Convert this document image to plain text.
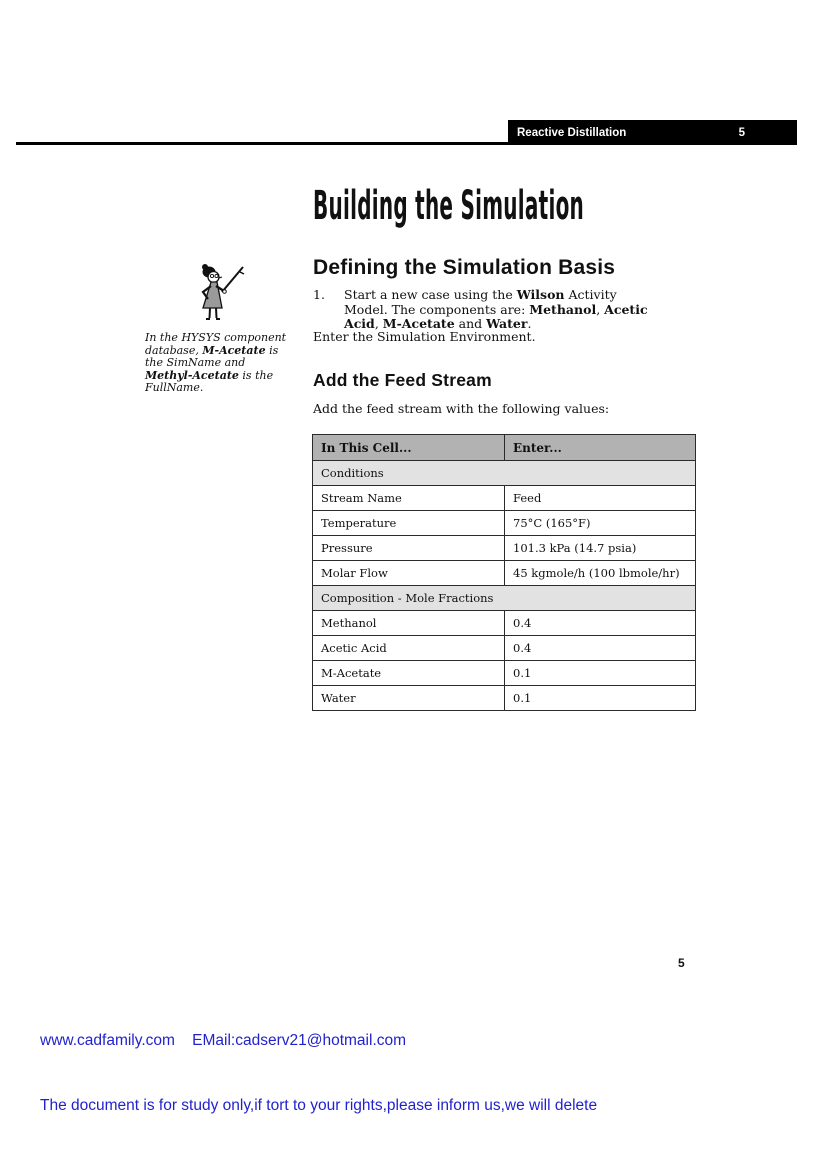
Reactive Distillation	5
Building the Simulation
Defining the Simulation Basis
1.	Start a new case using the Wilson Activity Model. The components are: Methanol, Acetic Acid, M-Acetate and Water.
In the HYSYS component database, M-Acetate is the SimName and Methyl-Acetate is the FullName.
Enter the Simulation Environment.
Add the Feed Stream
Add the feed stream with the following values:
In This Cell...	Enter...
Conditions	
Stream Name	Feed
Temperature	75°C (165°F)
Pressure	101.3 kPa (14.7 psia)
Molar Flow	45 kgmole/h (100 lbmole/hr)
Composition - Mole Fractions	
Methanol	0.4
Acetic Acid	0.4
M-Acetate	0.1
Water	0.1
5

www.cadfamily.com    EMail:cadserv21@hotmail.com

The document is for study only,if tort to your rights,please inform us,we will delete
